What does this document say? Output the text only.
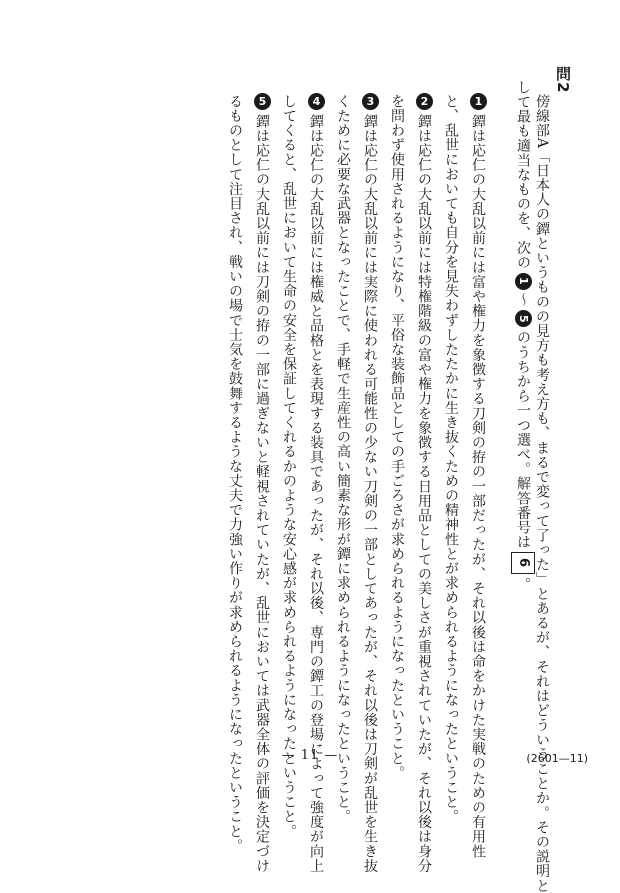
問2

傍線部A「日本人の鐔というものの見方も考え方も、まるで変って了った」とあるが、それはどういうことか。その説明と

して最も適当なものを、次の1〜5のうちから一つ選べ。解答番号は6。

1

鐔は応仁の大乱以前には富や権力を象徴する刀剣の拵の一部だったが、それ以後は命をかけた実戦のための有用性

と、乱世においても自分を見失わずしたたかに生き抜くための精神性とが求められるようになったということ。

2

鐔は応仁の大乱以前には特権階級の富や権力を象徴する日用品としての美しさが重視されていたが、それ以後は身分

を問わず使用されるようになり、平俗な装飾品としての手ごろさが求められるようになったということ。

3

鐔は応仁の大乱以前には実際に使われる可能性の少ない刀剣の一部としてあったが、それ以後は刀剣が乱世を生き抜

くために必要な武器となったことで、手軽で生産性の高い簡素な形が鐔に求められるようになったということ。

4

鐔は応仁の大乱以前には権威と品格とを表現する装具であったが、それ以後、専門の鐔工の登場によって強度が向上

してくると、乱世において生命の安全を保証してくれるかのような安心感が求められるようになったということ。

5

鐔は応仁の大乱以前には刀剣の拵の一部に過ぎないと軽視されていたが、乱世においては武器全体の評価を決定づけ

るものとして注目され、戦いの場で士気を鼓舞するような丈夫で力強い作りが求められるようになったということ。	— 11 —	(2601—11)
